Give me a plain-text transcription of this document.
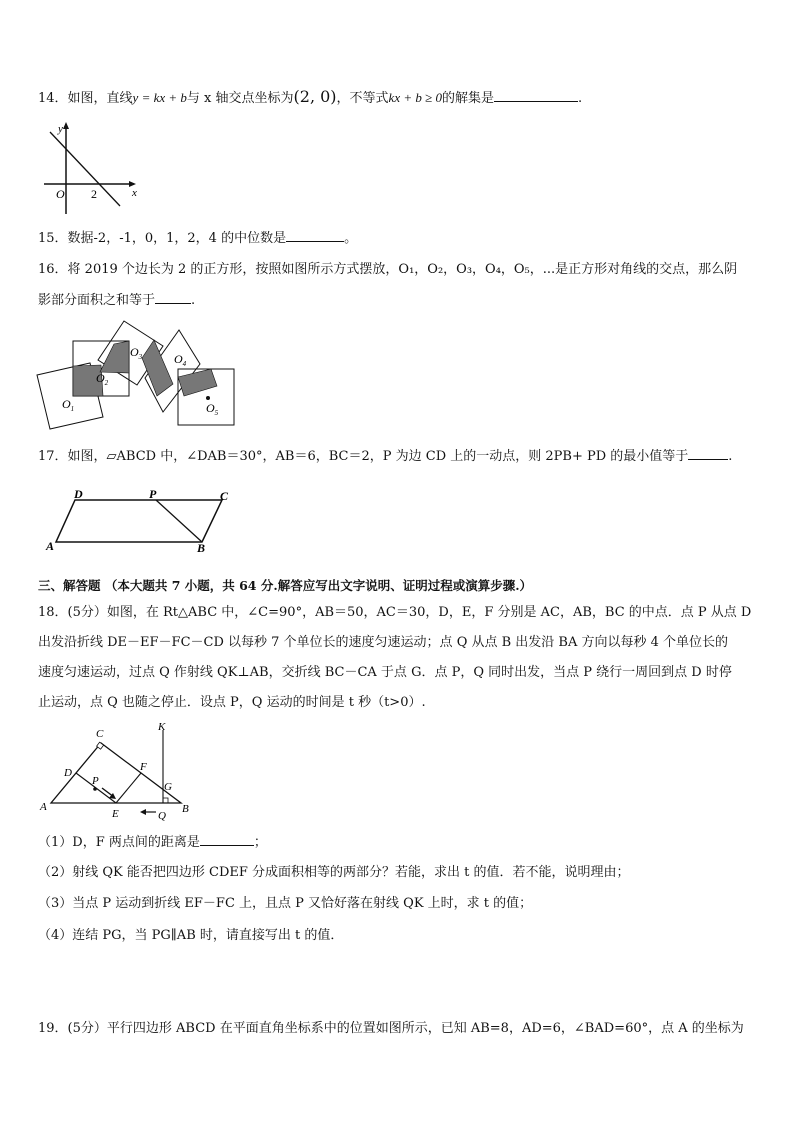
14．如图，直线y = kx + b与 x 轴交点坐标为(2, 0)，不等式kx + b ≥ 0的解集是	.
y
x
O 2
15．数据-2，-1，0，1，2，4 的中位数是	。
16．将 2019 个边长为 2 的正方形，按照如图所示方式摆放，O₁，O₂，O₃，O₄，O₅，...是正方形对角线的交点，那么阴
影部分面积之和等于	.
$O_1$
$O_2$
$O_3$	$O_4$
$O_5$
17．如图，▱ABCD 中，∠DAB＝30°，AB＝6，BC＝2，P 为边 CD 上的一动点，则 2PB+ PD 的最小值等于	.
D	P	C
A	B
三、解答题 （本大题共 7 小题，共 64 分.解答应写出文字说明、证明过程或演算步骤.）
18．(5分）如图，在 Rt△ABC 中，∠C=90°，AB＝50，AC＝30，D，E，F 分别是 AC，AB，BC 的中点．点 P 从点 D
出发沿折线 DE－EF－FC－CD 以每秒 7 个单位长的速度匀速运动；点 Q 从点 B 出发沿 BA 方向以每秒 4 个单位长的
速度匀速运动，过点 Q 作射线 QK⊥AB，交折线 BC－CA 于点 G．点 P，Q 同时出发，当点 P 绕行一周回到点 D 时停
止运动，点 Q 也随之停止．设点 P，Q 运动的时间是 t 秒（t>0）.
C
K
D
P
F
G
A
E	Q
B
（1）D，F 两点间的距离是	；
（2）射线 QK 能否把四边形 CDEF 分成面积相等的两部分？若能，求出 t 的值．若不能，说明理由；
（3）当点 P 运动到折线 EF－FC 上，且点 P 又恰好落在射线 QK 上时，求 t 的值；
（4）连结 PG，当 PG∥AB 时，请直接写出 t 的值．
19．(5分）平行四边形 ABCD 在平面直角坐标系中的位置如图所示，已知 AB=8，AD=6，∠BAD=60°，点 A 的坐标为
